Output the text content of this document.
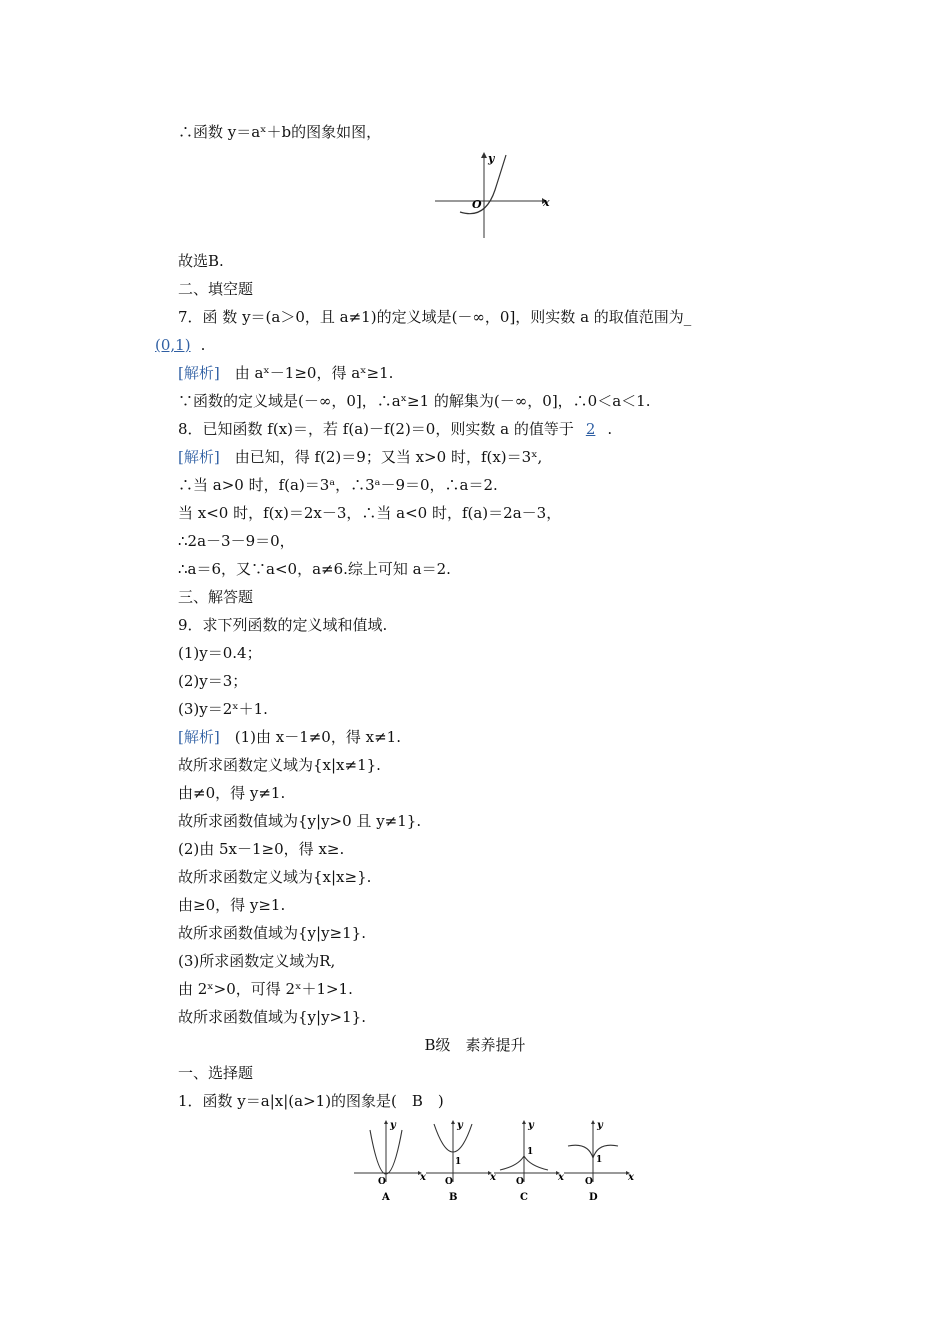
∴函数 y＝aˣ＋b的图象如图，
x
y
O
故选B.
二、填空题
7．函 数 y＝(a＞0，且 a≠1)的定义域是(－∞，0]，则实数 a 的取值范围为_
(0,1) .
[解析]  由 aˣ－1≥0，得 aˣ≥1.
∵函数的定义域是(－∞，0]，∴aˣ≥1 的解集为(－∞，0]，∴0＜a＜1.
8．已知函数 f(x)＝，若 f(a)－f(2)＝0，则实数 a 的值等于 2 .
[解析]  由已知，得 f(2)＝9；又当 x>0 时，f(x)＝3ˣ,
∴当 a>0 时，f(a)＝3ᵃ，∴3ᵃ－9＝0，∴a＝2.
当 x<0 时，f(x)＝2x－3，∴当 a<0 时，f(a)＝2a－3，
∴2a－3－9＝0，
∴a＝6，又∵a<0，a≠6.综上可知 a＝2.
三、解答题
9．求下列函数的定义域和值域.
(1)y＝0.4；
(2)y＝3；
(3)y＝2ˣ＋1.
[解析]  (1)由 x－1≠0，得 x≠1.
故所求函数定义域为{x|x≠1}.
由≠0，得 y≠1.
故所求函数值域为{y|y>0 且 y≠1}.
(2)由 5x－1≥0，得 x≥.
故所求函数定义域为{x|x≥}.
由≥0，得 y≥1.
故所求函数值域为{y|y≥1}.
(3)所求函数定义域为R,
由 2ˣ>0，可得 2ˣ＋1>1.
故所求函数值域为{y|y>1}.
B级　素养提升
一、选择题
1．函数 y＝a|x|(a>1)的图象是(　B　)
x
y
O
A
x
y
1
O
B
x
y
1
O
C
x
y
1
O
D
